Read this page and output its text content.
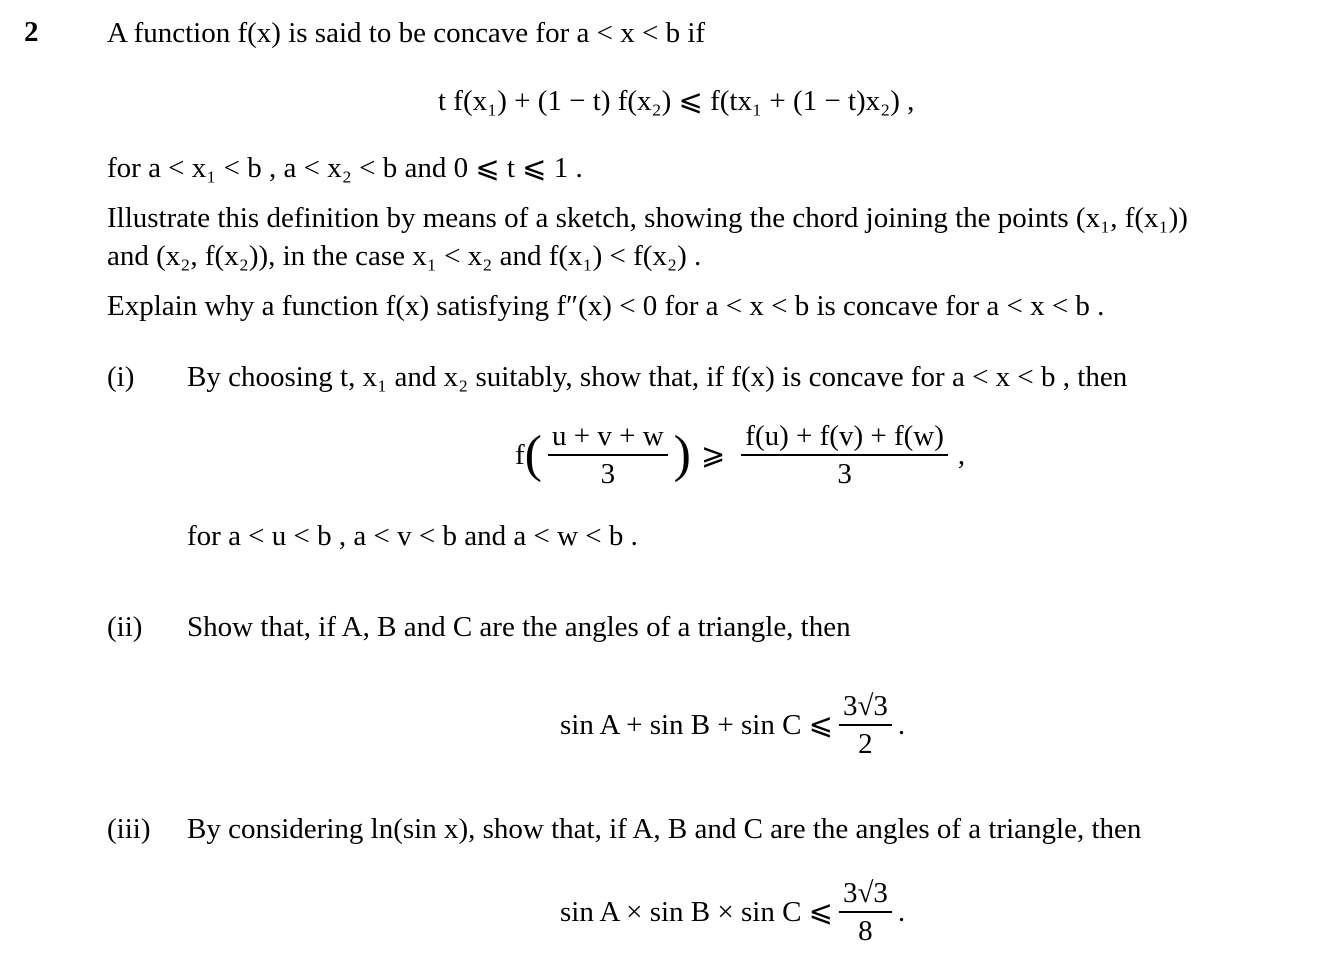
2 A function f(x) is said to be concave for a < x < b if
t f(x₁) + (1 − t) f(x₂) ⩽ f(tx₁ + (1 − t)x₂) ,
for a < x₁ < b , a < x₂ < b and 0 ⩽ t ⩽ 1 .
Illustrate this definition by means of a sketch, showing the chord joining the points (x₁, f(x₁))
and (x₂, f(x₂)), in the case x₁ < x₂ and f(x₁) < f(x₂) .
Explain why a function f(x) satisfying f″(x) < 0 for a < x < b is concave for a < x < b .
(i) By choosing t, x₁ and x₂ suitably, show that, if f(x) is concave for a < x < b , then
f ( $\frac{u + v + w}{3}$ ) ⩾ $\frac{f(u) + f(v) + f(w)}{3}$ ,
for a < u < b , a < v < b and a < w < b .
(ii) Show that, if A, B and C are the angles of a triangle, then
sin A + sin B + sin C ⩽ $\frac{3√3}{2}$ .
(iii) By considering ln(sin x), show that, if A, B and C are the angles of a triangle, then
sin A × sin B × sin C ⩽ $\frac{3√3}{8}$ .
